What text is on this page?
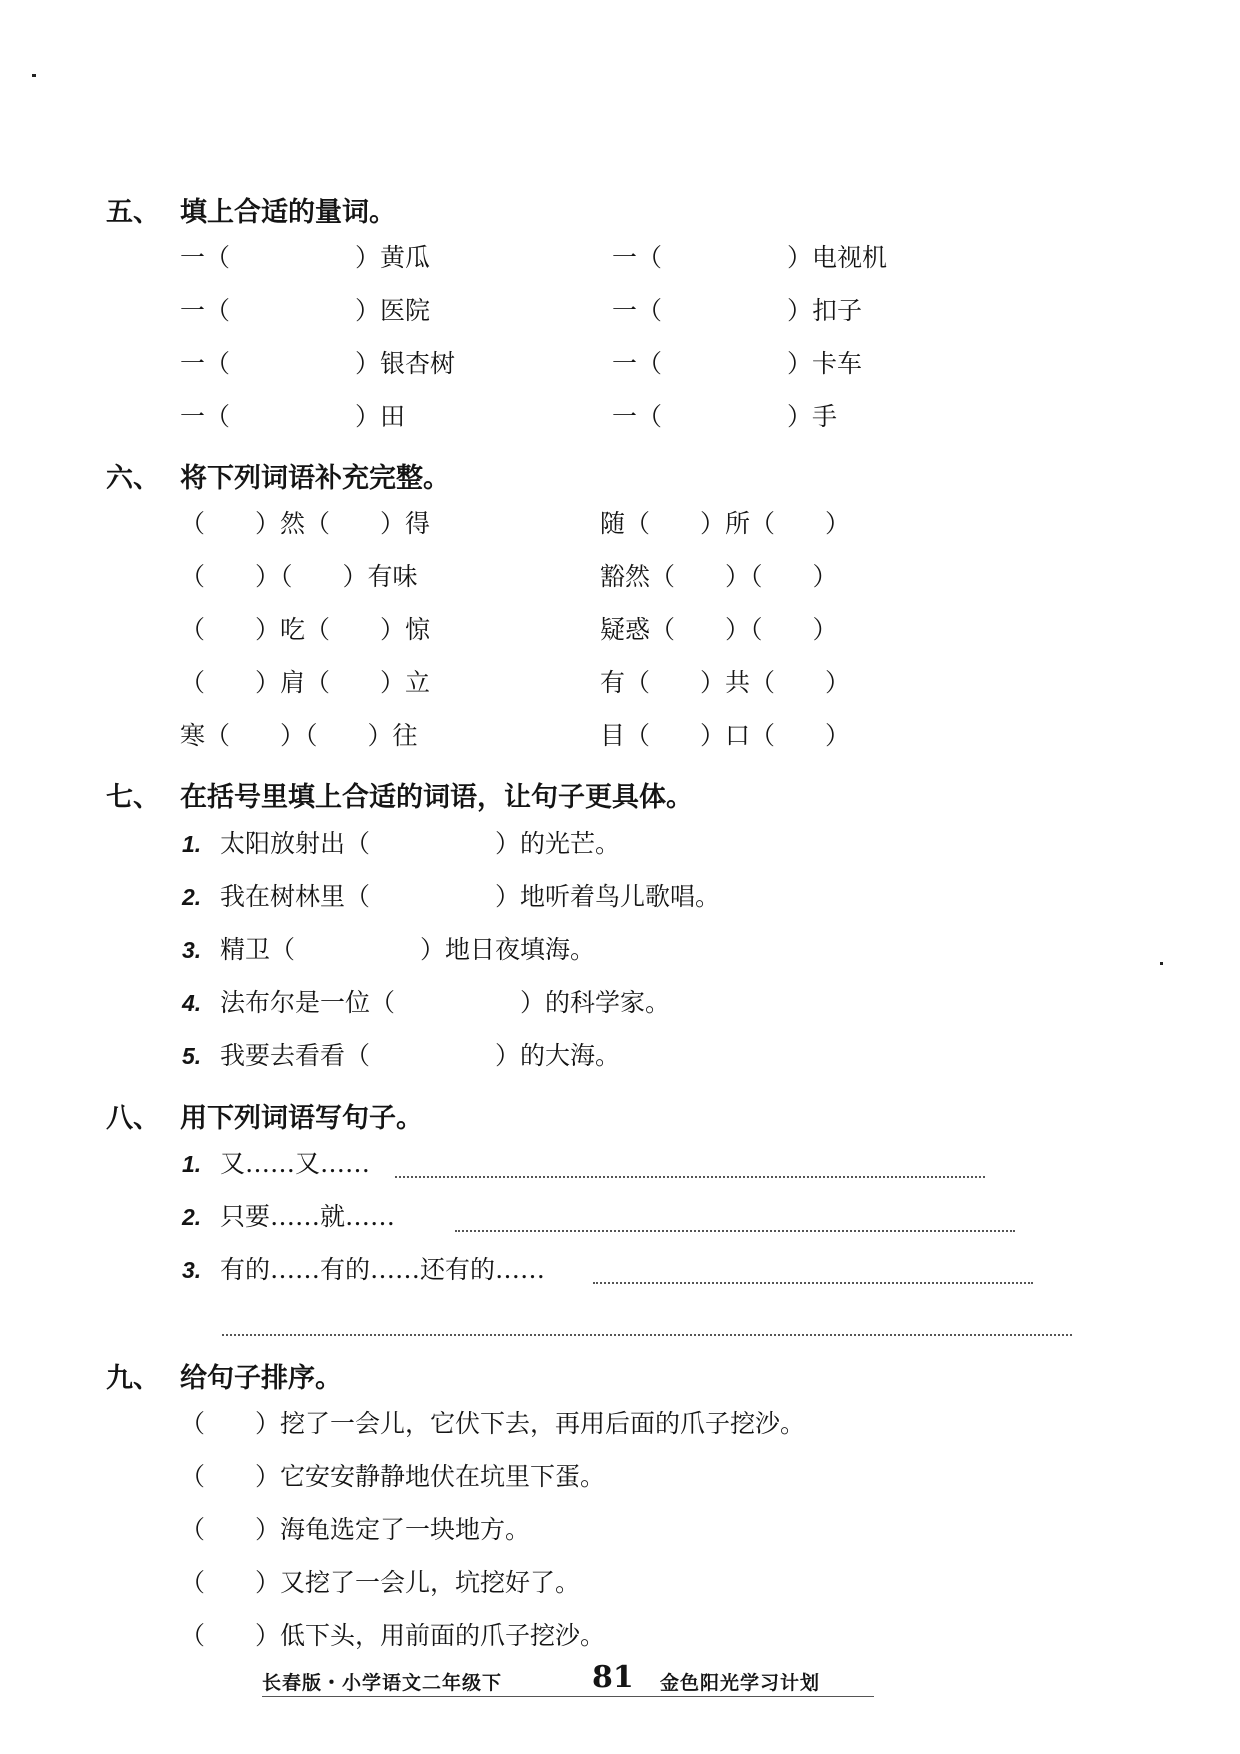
五、 填上合适的量词。
一（　　　　　）黄瓜
一（　　　　　）医院
一（　　　　　）银杏树
一（　　　　　）田
一（　　　　　）电视机
一（　　　　　）扣子
一（　　　　　）卡车
一（　　　　　）手
六、 将下列词语补充完整。
（　　）然（　　）得
（　　）（　　）有味
（　　）吃（　　）惊
（　　）肩（　　）立
寒（　　）（　　）往
随（　　）所（　　）
豁然（　　）（　　）
疑惑（　　）（　　）
有（　　）共（　　）
目（　　）口（　　）
七、 在括号里填上合适的词语，让句子更具体。
1. 太阳放射出（　　　　　）的光芒。
2. 我在树林里（　　　　　）地听着鸟儿歌唱。
3. 精卫（　　　　　）地日夜填海。
4. 法布尔是一位（　　　　　）的科学家。
5. 我要去看看（　　　　　）的大海。
八、 用下列词语写句子。
1. 又……又……
2. 只要……就……
3. 有的……有的……还有的……
九、 给句子排序。
（　　）挖了一会儿，它伏下去，再用后面的爪子挖沙。
（　　）它安安静静地伏在坑里下蛋。
（　　）海龟选定了一块地方。
（　　）又挖了一会儿，坑挖好了。
（　　）低下头，用前面的爪子挖沙。
长春版・小学语文二年级下	81 金色阳光学习计划
